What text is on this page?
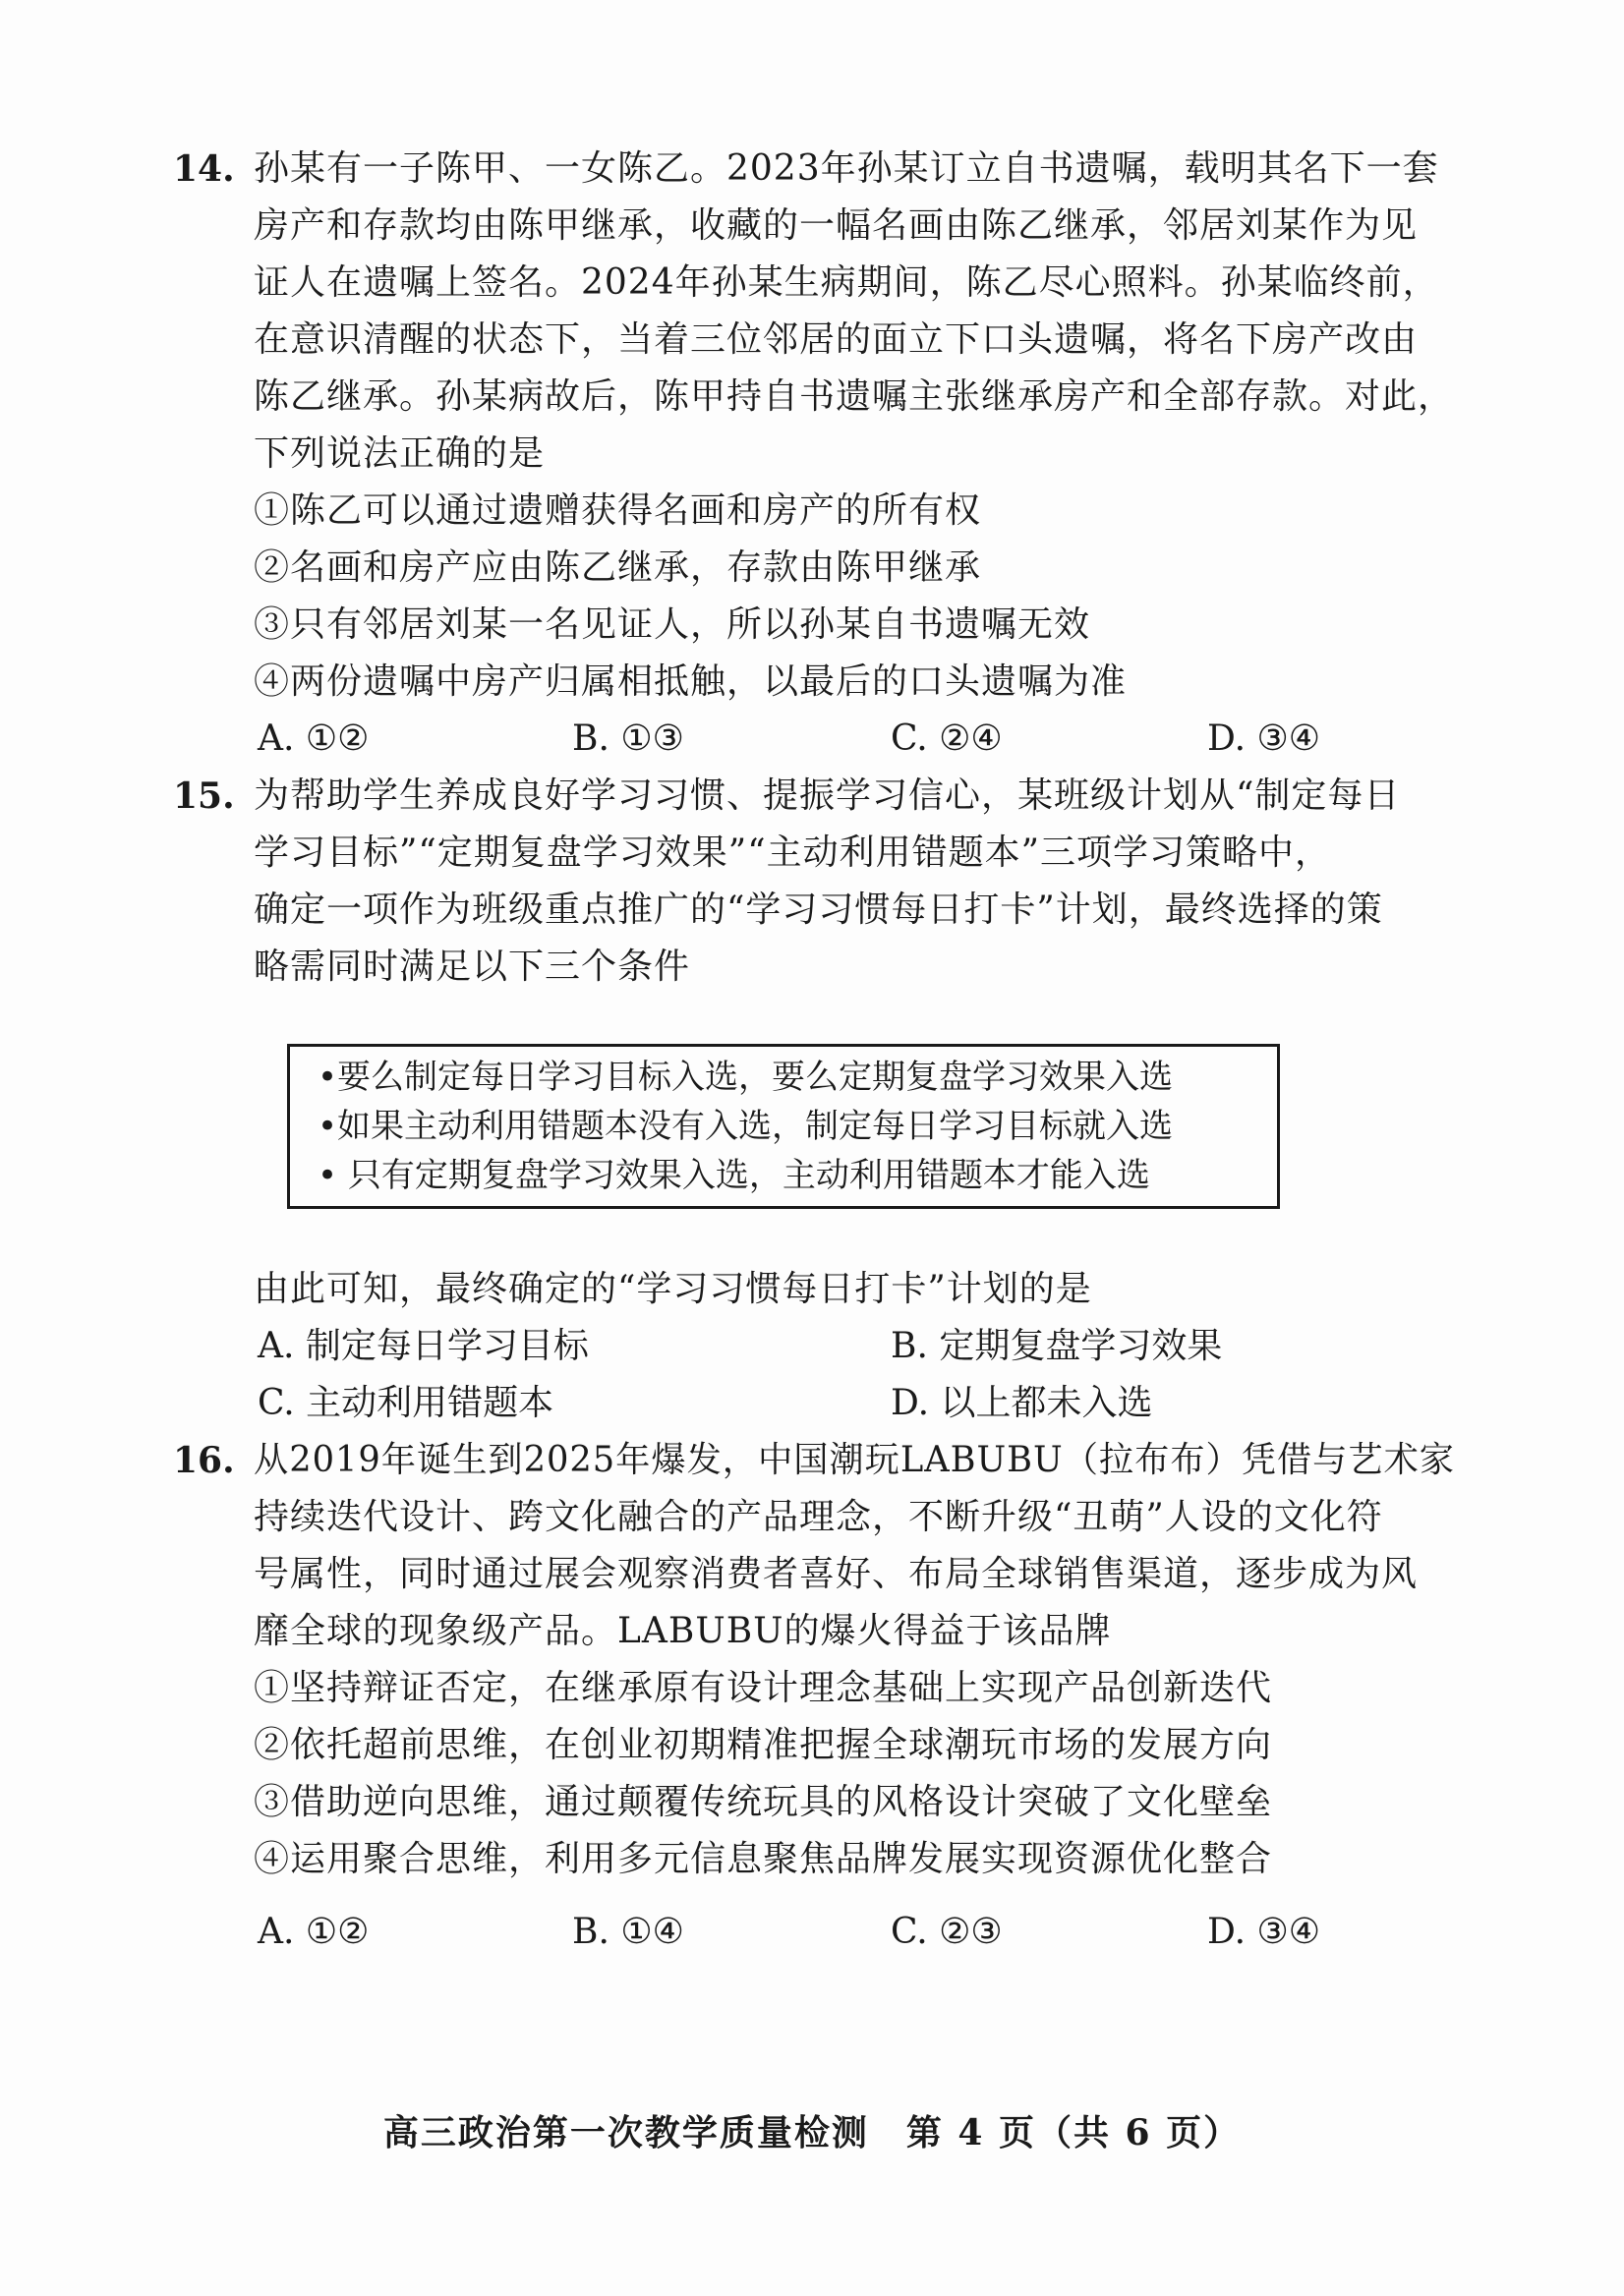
14. 孙某有一子陈甲、一女陈乙。2023年孙某订立自书遗嘱，载明其名下一套
房产和存款均由陈甲继承，收藏的一幅名画由陈乙继承，邻居刘某作为见
证人在遗嘱上签名。2024年孙某生病期间，陈乙尽心照料。孙某临终前，
在意识清醒的状态下，当着三位邻居的面立下口头遗嘱，将名下房产改由
陈乙继承。孙某病故后，陈甲持自书遗嘱主张继承房产和全部存款。对此，
下列说法正确的是
①陈乙可以通过遗赠获得名画和房产的所有权
②名画和房产应由陈乙继承，存款由陈甲继承
③只有邻居刘某一名见证人，所以孙某自书遗嘱无效
④两份遗嘱中房产归属相抵触，以最后的口头遗嘱为准
A. ①②	B. ①③	C. ②④	D. ③④
15. 为帮助学生养成良好学习习惯、提振学习信心，某班级计划从“制定每日
学习目标”“定期复盘学习效果”“主动利用错题本”三项学习策略中，
确定一项作为班级重点推广的“学习习惯每日打卡”计划，最终选择的策
略需同时满足以下三个条件
•要么制定每日学习目标入选，要么定期复盘学习效果入选
•如果主动利用错题本没有入选，制定每日学习目标就入选
• 只有定期复盘学习效果入选，主动利用错题本才能入选
由此可知，最终确定的“学习习惯每日打卡”计划的是
A. 制定每日学习目标	B. 定期复盘学习效果
C. 主动利用错题本	D. 以上都未入选
16. 从2019年诞生到2025年爆发，中国潮玩LABUBU（拉布布）凭借与艺术家
持续迭代设计、跨文化融合的产品理念，不断升级“丑萌”人设的文化符
号属性，同时通过展会观察消费者喜好、布局全球销售渠道，逐步成为风
靡全球的现象级产品。LABUBU的爆火得益于该品牌
①坚持辩证否定，在继承原有设计理念基础上实现产品创新迭代
②依托超前思维，在创业初期精准把握全球潮玩市场的发展方向
③借助逆向思维，通过颠覆传统玩具的风格设计突破了文化壁垒
④运用聚合思维，利用多元信息聚焦品牌发展实现资源优化整合
A. ①②	B. ①④	C. ②③	D. ③④
高三政治第一次教学质量检测　第 4 页（共 6 页）
